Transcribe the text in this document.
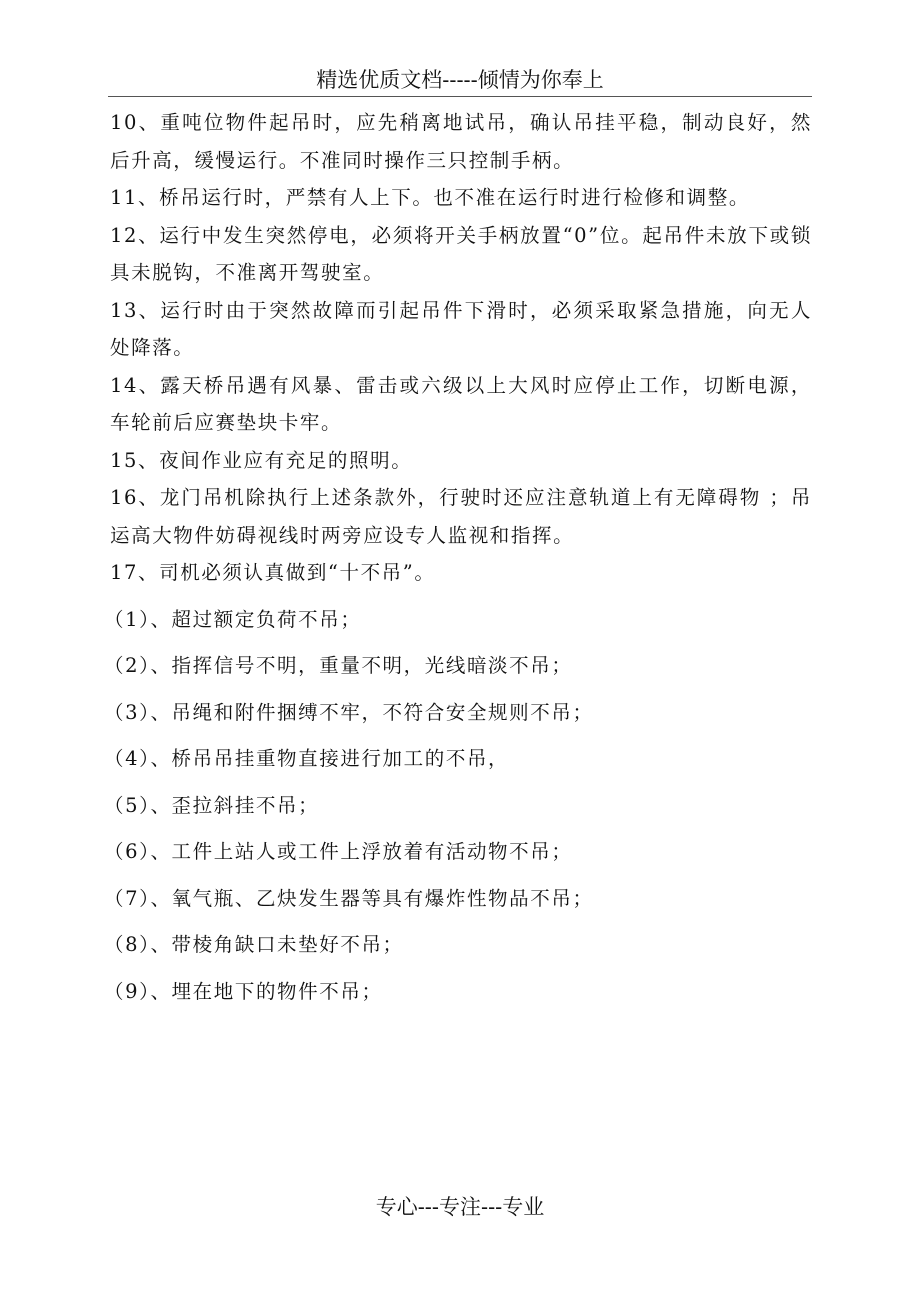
精选优质文档-----倾情为你奉上

10、重吨位物件起吊时，应先稍离地试吊，确认吊挂平稳，制动良好，然后升高，缓慢运行。不准同时操作三只控制手柄。

11、桥吊运行时，严禁有人上下。也不准在运行时进行检修和调整。

12、运行中发生突然停电，必须将开关手柄放置“0”位。起吊件未放下或锁具未脱钩，不准离开驾驶室。

13、运行时由于突然故障而引起吊件下滑时，必须采取紧急措施，向无人处降落。

14、露天桥吊遇有风暴、雷击或六级以上大风时应停止工作，切断电源，车轮前后应赛垫块卡牢。

15、夜间作业应有充足的照明。

16、龙门吊机除执行上述条款外，行驶时还应注意轨道上有无障碍物 ；吊运高大物件妨碍视线时两旁应设专人监视和指挥。

17、司机必须认真做到“十不吊”。

（1）、超过额定负荷不吊；

（2）、指挥信号不明，重量不明，光线暗淡不吊；

（3）、吊绳和附件捆缚不牢，不符合安全规则不吊；

（4）、桥吊吊挂重物直接进行加工的不吊，

（5）、歪拉斜挂不吊；

（6）、工件上站人或工件上浮放着有活动物不吊；

（7）、氧气瓶、乙炔发生器等具有爆炸性物品不吊；

（8）、带棱角缺口未垫好不吊；

（9）、埋在地下的物件不吊；

专心---专注---专业
